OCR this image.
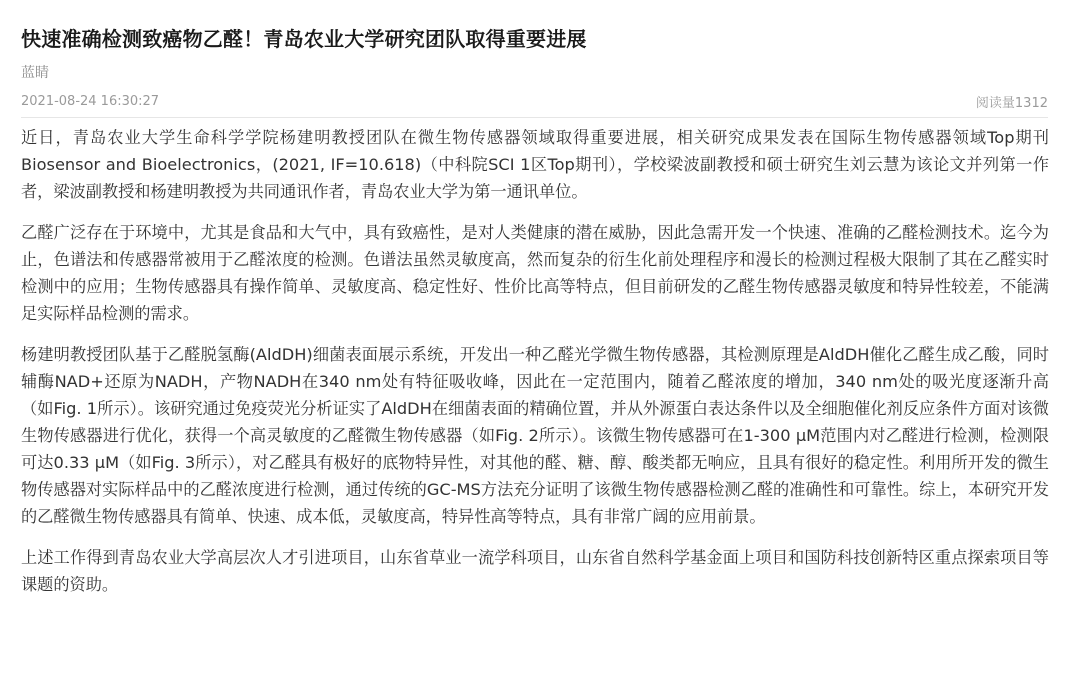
快速准确检测致癌物乙醛！青岛农业大学研究团队取得重要进展
蓝睛
2021-08-24 16:30:27	阅读量1312

近日，青岛农业大学生命科学学院杨建明教授团队在微生物传感器领域取得重要进展，相关研究成果发表在国际生物传感器领域Top期刊Biosensor and Bioelectronics，(2021, IF=10.618)（中科院SCI 1区Top期刊），学校梁波副教授和硕士研究生刘云慧为该论文并列第一作者，梁波副教授和杨建明教授为共同通讯作者，青岛农业大学为第一通讯单位。

乙醛广泛存在于环境中，尤其是食品和大气中，具有致癌性，是对人类健康的潜在威胁，因此急需开发一个快速、准确的乙醛检测技术。迄今为止，色谱法和传感器常被用于乙醛浓度的检测。色谱法虽然灵敏度高，然而复杂的衍生化前处理程序和漫长的检测过程极大限制了其在乙醛实时检测中的应用；生物传感器具有操作简单、灵敏度高、稳定性好、性价比高等特点，但目前研发的乙醛生物传感器灵敏度和特异性较差，不能满足实际样品检测的需求。

杨建明教授团队基于乙醛脱氢酶(AldDH)细菌表面展示系统，开发出一种乙醛光学微生物传感器，其检测原理是AldDH催化乙醛生成乙酸，同时辅酶NAD+还原为NADH，产物NADH在340 nm处有特征吸收峰，因此在一定范围内，随着乙醛浓度的增加，340 nm处的吸光度逐渐升高（如Fig. 1所示）。该研究通过免疫荧光分析证实了AldDH在细菌表面的精确位置，并从外源蛋白表达条件以及全细胞催化剂反应条件方面对该微生物传感器进行优化，获得一个高灵敏度的乙醛微生物传感器（如Fig. 2所示）。该微生物传感器可在1-300 μM范围内对乙醛进行检测，检测限可达0.33 μM（如Fig. 3所示），对乙醛具有极好的底物特异性，对其他的醛、糖、醇、酸类都无响应，且具有很好的稳定性。利用所开发的微生物传感器对实际样品中的乙醛浓度进行检测，通过传统的GC-MS方法充分证明了该微生物传感器检测乙醛的准确性和可靠性。综上，本研究开发的乙醛微生物传感器具有简单、快速、成本低，灵敏度高，特异性高等特点，具有非常广阔的应用前景。

上述工作得到青岛农业大学高层次人才引进项目，山东省草业一流学科项目，山东省自然科学基金面上项目和国防科技创新特区重点探索项目等课题的资助。
